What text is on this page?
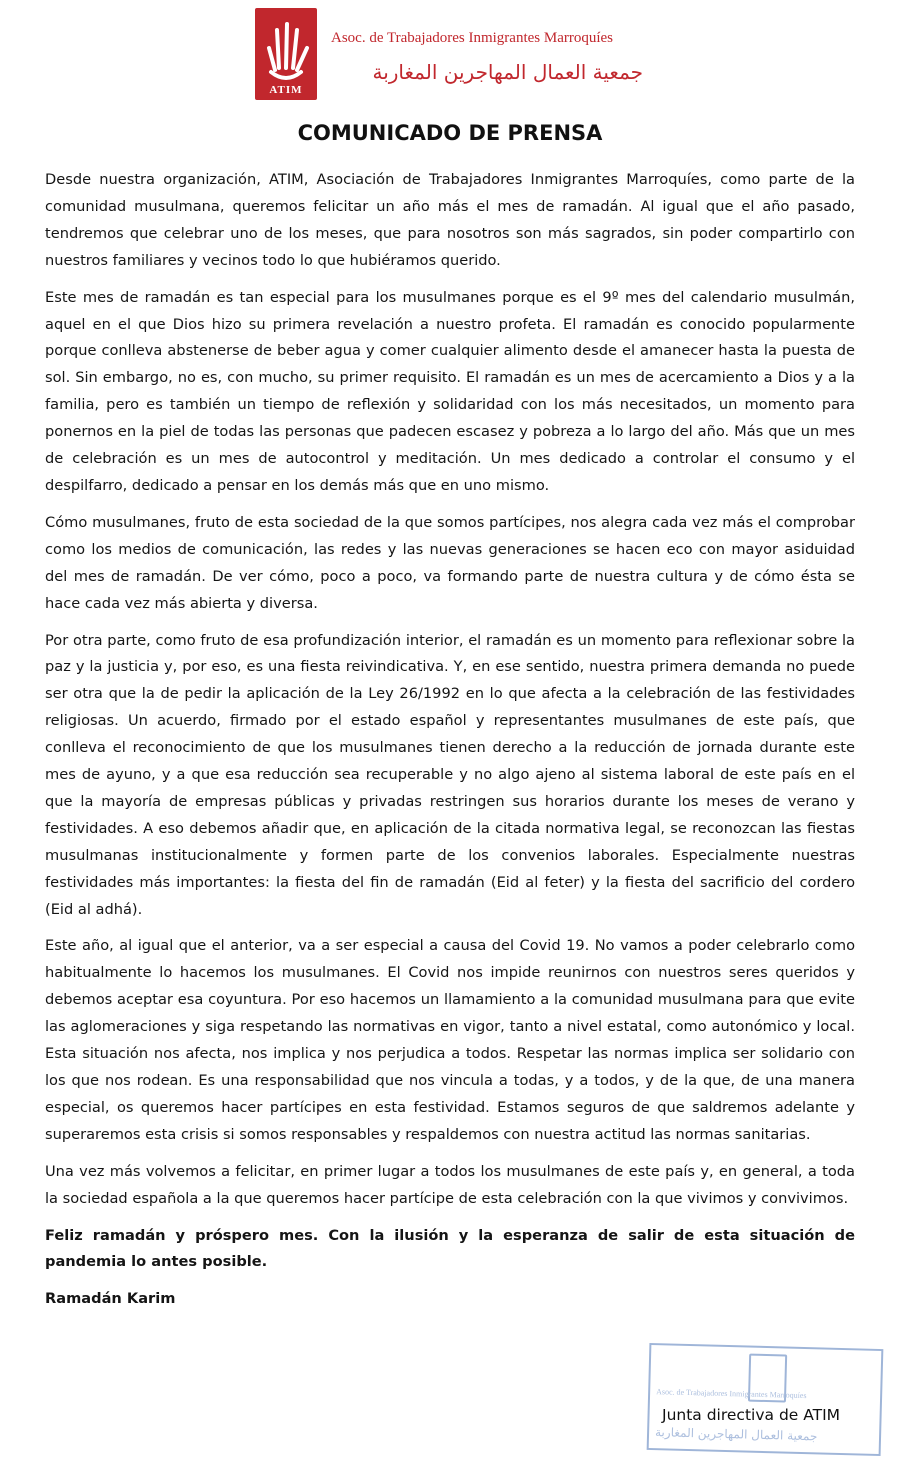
ATIM
Asoc. de Trabajadores Inmigrantes Marroquíes
جمعية العمال المهاجرين المغاربة
COMUNICADO DE PRENSA

Desde nuestra organización, ATIM, Asociación de Trabajadores Inmigrantes Marroquíes, como parte de la comunidad musulmana, queremos felicitar un año más el mes de ramadán. Al igual que el año pasado, tendremos que celebrar uno de los meses, que para nosotros son más sagrados, sin poder compartirlo con nuestros familiares y vecinos todo lo que hubiéramos querido.

Este mes de ramadán es tan especial para los musulmanes porque es el 9º mes del calendario musulmán, aquel en el que Dios hizo su primera revelación a nuestro profeta. El ramadán es conocido popularmente porque conlleva abstenerse de beber agua y comer cualquier alimento desde el amanecer hasta la puesta de sol. Sin embargo, no es, con mucho, su primer requisito. El ramadán es un mes de acercamiento a Dios y a la familia, pero es también un tiempo de reflexión y solidaridad con los más necesitados, un momento para ponernos en la piel de todas las personas que padecen escasez y pobreza a lo largo del año. Más que un mes de celebración es un mes de autocontrol y meditación. Un mes dedicado a controlar el consumo y el despilfarro, dedicado a pensar en los demás más que en uno mismo.

Cómo musulmanes, fruto de esta sociedad de la que somos partícipes, nos alegra cada vez más el comprobar como los medios de comunicación, las redes y las nuevas generaciones se hacen eco con mayor asiduidad del mes de ramadán. De ver cómo, poco a poco, va formando parte de nuestra cultura y de cómo ésta se hace cada vez más abierta y diversa.

Por otra parte, como fruto de esa profundización interior, el ramadán es un momento para reflexionar sobre la paz y la justicia y, por eso, es una fiesta reivindicativa. Y, en ese sentido, nuestra primera demanda no puede ser otra que la de pedir la aplicación de la Ley 26/1992 en lo que afecta a la celebración de las festividades religiosas. Un acuerdo, firmado por el estado español y representantes musulmanes de este país, que conlleva el reconocimiento de que los musulmanes tienen derecho a la reducción de jornada durante este mes de ayuno, y a que esa reducción sea recuperable y no algo ajeno al sistema laboral de este país en el que la mayoría de empresas públicas y privadas restringen sus horarios durante los meses de verano y festividades. A eso debemos añadir que, en aplicación de la citada normativa legal, se reconozcan las fiestas musulmanas institucionalmente y formen parte de los convenios laborales. Especialmente nuestras festividades más importantes: la fiesta del fin de ramadán (Eid al feter) y la fiesta del sacrificio del cordero (Eid al adhá).

Este año, al igual que el anterior, va a ser especial a causa del Covid 19. No vamos a poder celebrarlo como habitualmente lo hacemos los musulmanes. El Covid nos impide reunirnos con nuestros seres queridos y debemos aceptar esa coyuntura. Por eso hacemos un llamamiento a la comunidad musulmana para que evite las aglomeraciones y siga respetando las normativas en vigor, tanto a nivel estatal, como autonómico y local. Esta situación nos afecta, nos implica y nos perjudica a todos. Respetar las normas implica ser solidario con los que nos rodean. Es una responsabilidad que nos vincula a todas, y a todos, y de la que, de una manera especial, os queremos hacer partícipes en esta festividad. Estamos seguros de que saldremos adelante y superaremos esta crisis si somos responsables y respaldemos con nuestra actitud las normas sanitarias.

Una vez más volvemos a felicitar, en primer lugar a todos los musulmanes de este país y, en general, a toda la sociedad española a la que queremos hacer partícipe de esta celebración con la que vivimos y convivimos.

Feliz ramadán y próspero mes. Con la ilusión y la esperanza de salir de esta situación de pandemia lo antes posible.

Ramadán Karim

Asoc. de Trabajadores Inmigrantes Marroquíes
جمعية العمال المهاجرين المغاربة
Junta directiva de ATIM
